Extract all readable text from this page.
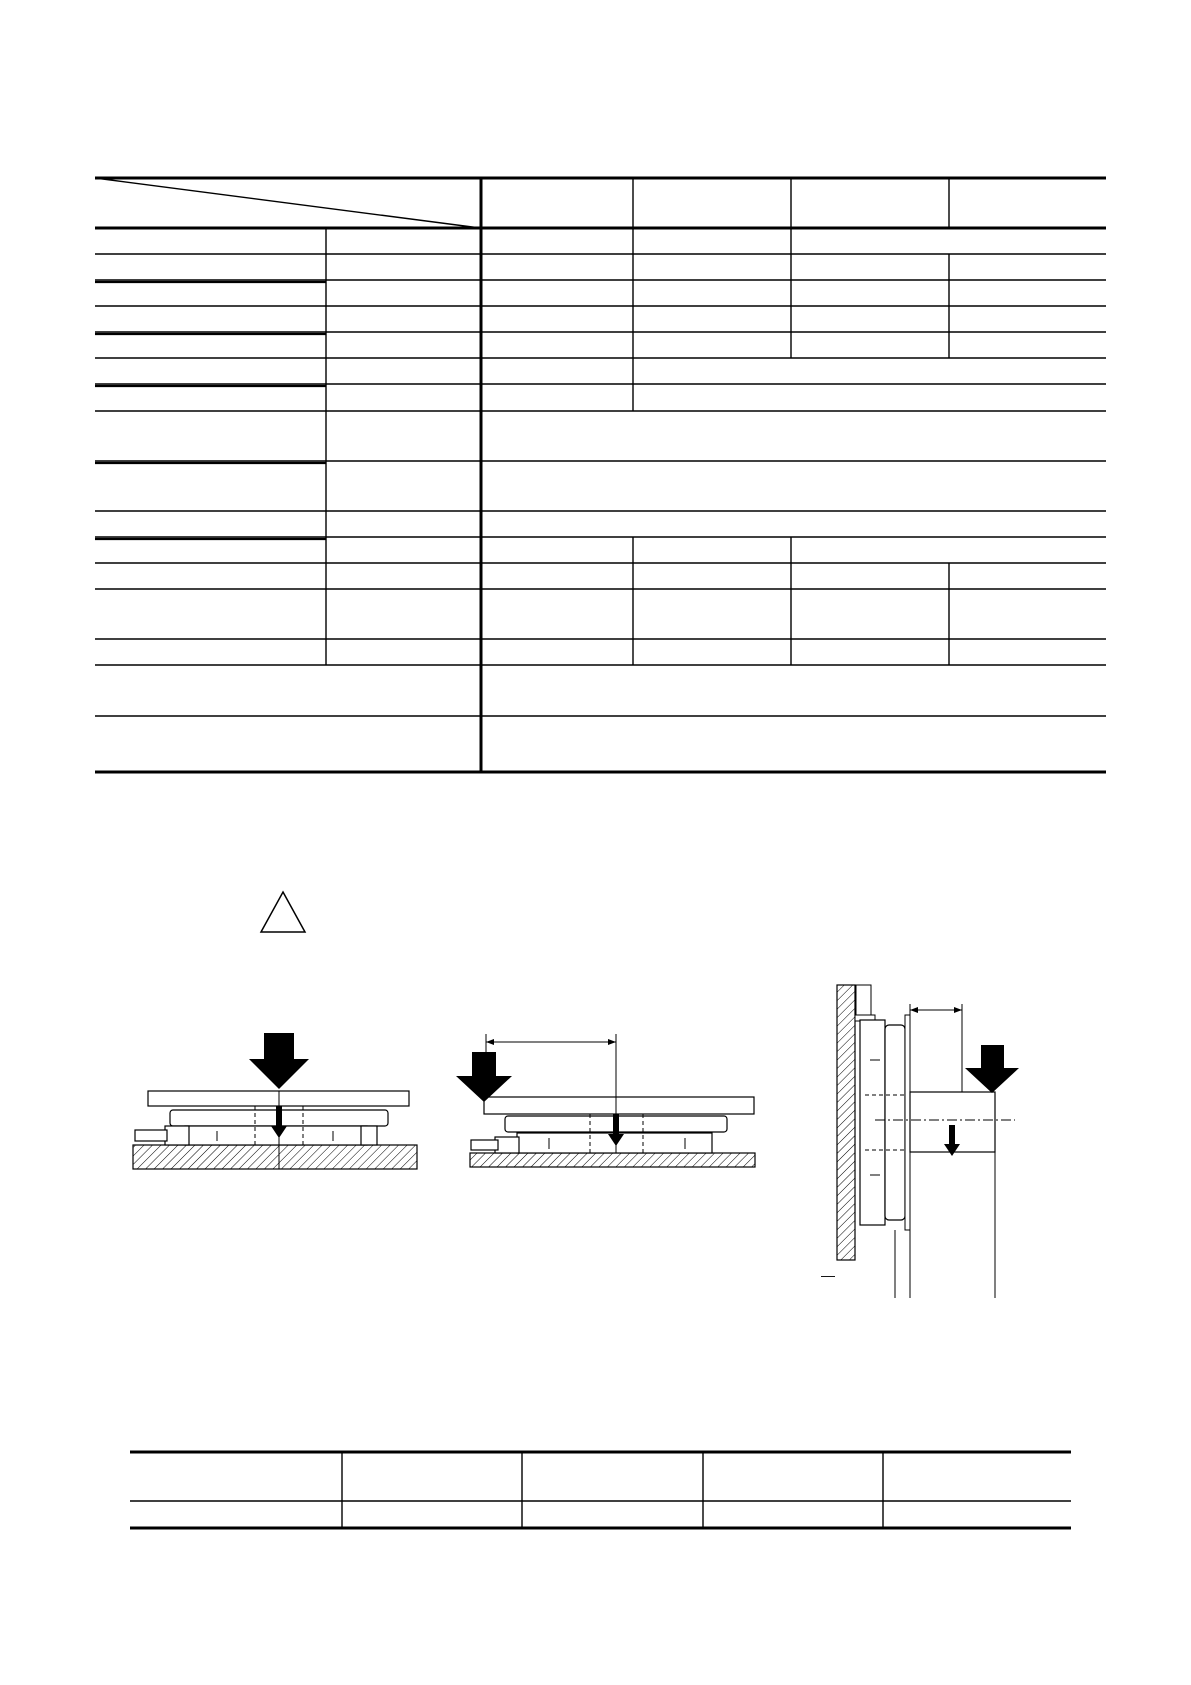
—
